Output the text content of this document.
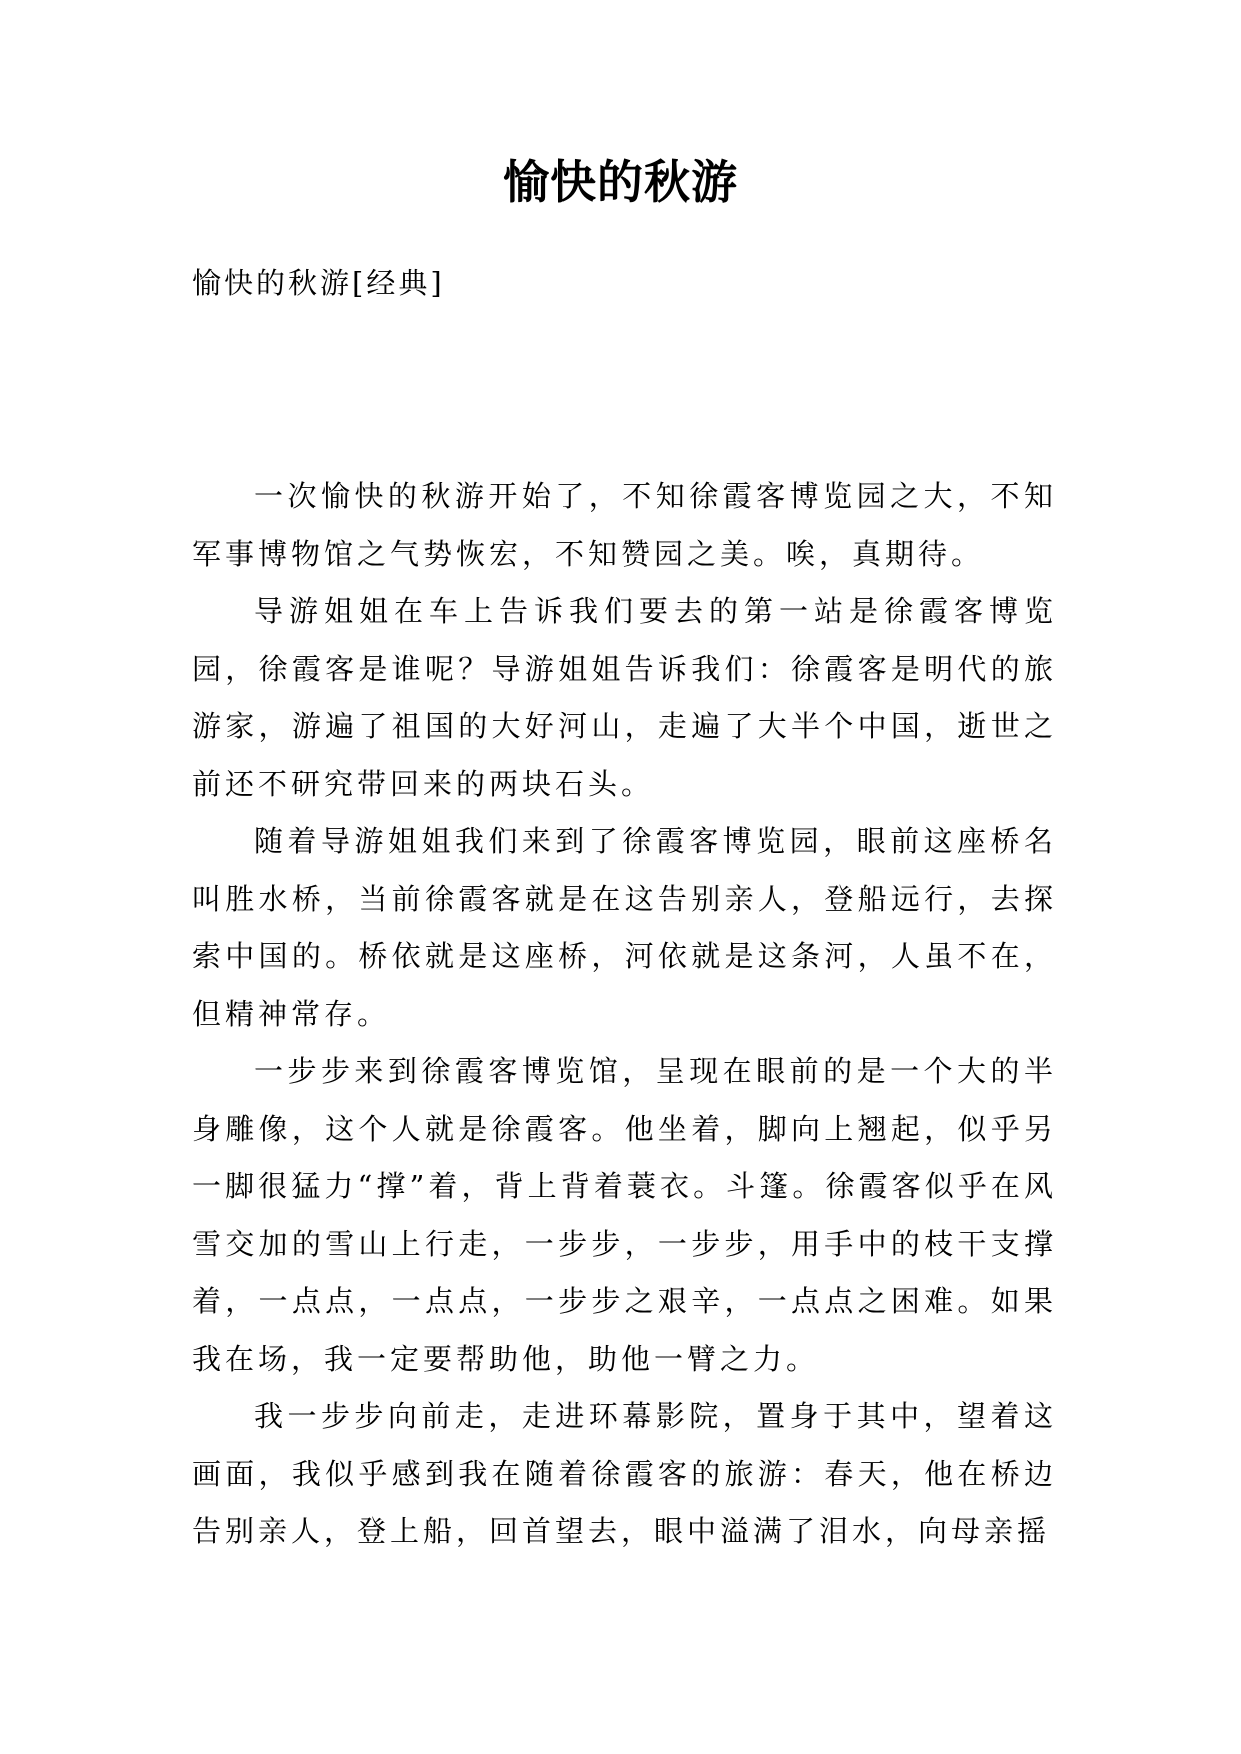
愉快的秋游
愉快的秋游[经典]

一次愉快的秋游开始了，不知徐霞客博览园之大，不知军事博物馆之气势恢宏，不知赞园之美。唉，真期待。

导游姐姐在车上告诉我们要去的第一站是徐霞客博览园，徐霞客是谁呢？导游姐姐告诉我们：徐霞客是明代的旅游家，游遍了祖国的大好河山，走遍了大半个中国，逝世之前还不研究带回来的两块石头。

随着导游姐姐我们来到了徐霞客博览园，眼前这座桥名叫胜水桥，当前徐霞客就是在这告别亲人，登船远行，去探索中国的。桥依就是这座桥，河依就是这条河，人虽不在，但精神常存。

一步步来到徐霞客博览馆，呈现在眼前的是一个大的半身雕像，这个人就是徐霞客。他坐着，脚向上翘起，似乎另一脚很猛力“撑”着，背上背着蓑衣。斗篷。徐霞客似乎在风雪交加的雪山上行走，一步步，一步步，用手中的枝干支撑着，一点点，一点点，一步步之艰辛，一点点之困难。如果我在场，我一定要帮助他，助他一臂之力。

我一步步向前走，走进环幕影院，置身于其中，望着这画面，我似乎感到我在随着徐霞客的旅游：春天，他在桥边告别亲人，登上船，回首望去，眼中溢满了泪水，向母亲摇
